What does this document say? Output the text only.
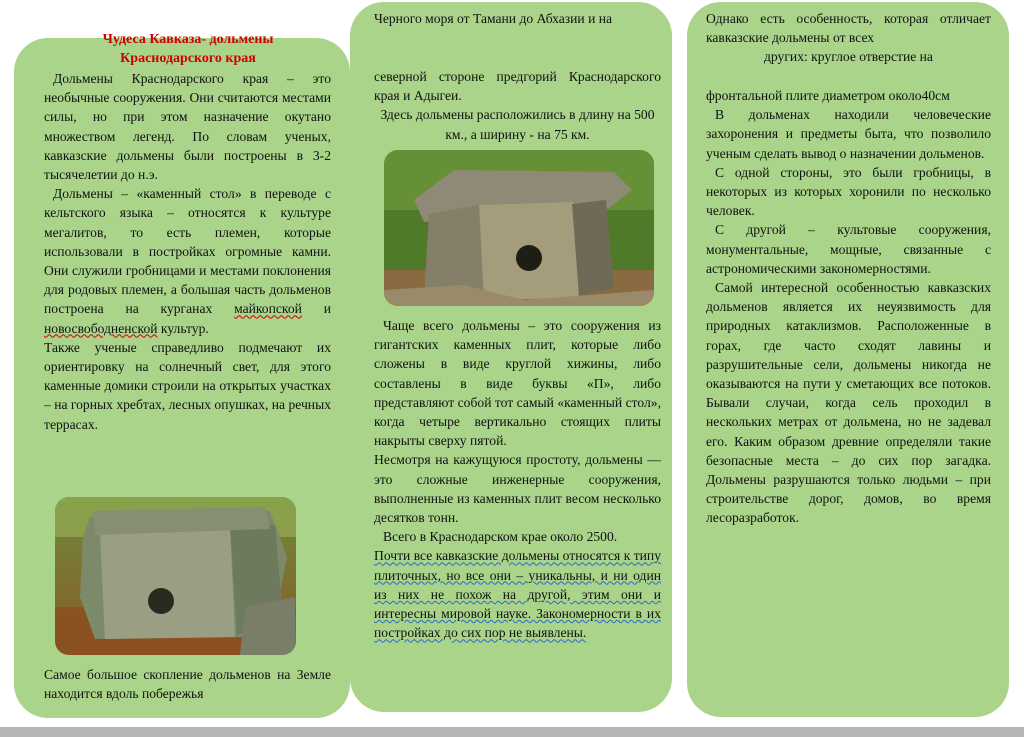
Чудеса Кавказа- дольмены
Краснодарского края

Дольмены Краснодарского края – это необычные сооружения. Они считаются местами силы, но при этом назначение окутано множеством легенд. По словам ученых, кавказские дольмены были построены в 3-2 тысячелетии до н.э.

Дольмены – «каменный стол» в переводе с кельтского языка – относятся к культуре мегалитов, то есть племен, которые использовали в постройках огромные камни. Они служили гробницами и местами поклонения для родовых племен, а большая часть дольменов построена на курганах майкопской и новосвободненской культур.

Также ученые справедливо подмечают их ориентировку на солнечный свет, для этого каменные домики строили на открытых участках – на горных хребтах, лесных опушках, на речных террасах.

Самое большое скопление дольменов на Земле находится вдоль побережья

Черного моря от Тамани до Абхазии и на

северной стороне предгорий Краснодарского края и Адыгеи.

Здесь дольмены расположились в длину на 500 км., а ширину - на 75 км.

Чаще всего дольмены – это сооружения из гигантских каменных плит, которые либо сложены в виде круглой хижины, либо составлены в виде буквы «П», либо представляют собой тот самый «каменный стол», когда четыре вертикально стоящих плиты накрыты сверху пятой.

Несмотря на кажущуюся простоту, дольмены — это сложные инженерные сооружения, выполненные из каменных плит весом несколько десятков тонн.

Всего в Краснодарском крае около 2500.

Почти все кавказские дольмены относятся к типу плиточных, но все они – уникальны, и ни один из них не похож на другой, этим они и интересны мировой науке. Закономерности в их постройках до сих пор не выявлены.

Однако есть особенность, которая отличает кавказские дольмены от всех

других: круглое отверстие на

фронтальной плите диаметром около40см

В дольменах находили человеческие захоронения и предметы быта, что позволило ученым сделать вывод о назначении дольменов.

С одной стороны, это были гробницы, в некоторых из которых хоронили по несколько человек.

С другой – культовые сооружения, монументальные, мощные, связанные с астрономическими закономерностями.

Самой интересной особенностью кавказских дольменов является их неуязвимость для природных катаклизмов. Расположенные в горах, где часто сходят лавины и разрушительные сели, дольмены никогда не оказываются на пути у сметающих все потоков. Бывали случаи, когда сель проходил в нескольких метрах от дольмена, но не задевал его. Каким образом древние определяли такие безопасные места – до сих пор загадка. Дольмены разрушаются только людьми – при строительстве дорог, домов, во время лесоразработок.
